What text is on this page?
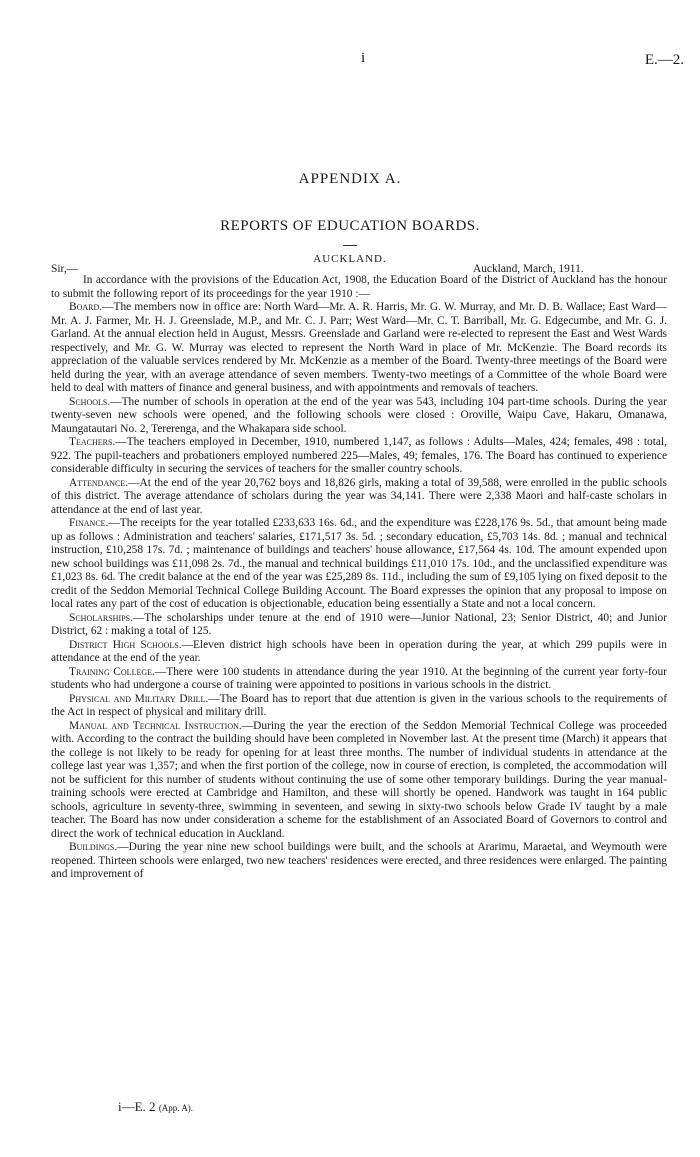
i	E.—2.
APPENDIX A.
REPORTS OF EDUCATION BOARDS.
AUCKLAND.
Sir,—	Auckland, March, 1911.

In accordance with the provisions of the Education Act, 1908, the Education Board of the District of Auckland has the honour to submit the following report of its proceedings for the year 1910 :—

Board.—The members now in office are: North Ward—Mr. A. R. Harris, Mr. G. W. Murray, and Mr. D. B. Wallace; East Ward—Mr. A. J. Farmer, Mr. H. J. Greenslade, M.P., and Mr. C. J. Parr; West Ward—Mr. C. T. Barriball, Mr. G. Edgecumbe, and Mr. G. J. Garland. At the annual election held in August, Messrs. Greenslade and Garland were re-elected to represent the East and West Wards respectively, and Mr. G. W. Murray was elected to represent the North Ward in place of Mr. McKenzie. The Board records its appreciation of the valuable services rendered by Mr. McKenzie as a member of the Board. Twenty-three meetings of the Board were held during the year, with an average attendance of seven members. Twenty-two meetings of a Committee of the whole Board were held to deal with matters of finance and general business, and with appointments and removals of teachers.

Schools.—The number of schools in operation at the end of the year was 543, including 104 part-time schools. During the year twenty-seven new schools were opened, and the following schools were closed : Oroville, Waipu Cave, Hakaru, Omanawa, Maungatautari No. 2, Tererenga, and the Whakapara side school.

Teachers.—The teachers employed in December, 1910, numbered 1,147, as follows : Adults—Males, 424; females, 498 : total, 922. The pupil-teachers and probationers employed numbered 225—Males, 49; females, 176. The Board has continued to experience considerable difficulty in securing the services of teachers for the smaller country schools.

Attendance.—At the end of the year 20,762 boys and 18,826 girls, making a total of 39,588, were enrolled in the public schools of this district. The average attendance of scholars during the year was 34,141. There were 2,338 Maori and half-caste scholars in attendance at the end of last year.

Finance.—The receipts for the year totalled £233,633 16s. 6d., and the expenditure was £228,176 9s. 5d., that amount being made up as follows : Administration and teachers' salaries, £171,517 3s. 5d. ; secondary education, £5,703 14s. 8d. ; manual and technical instruction, £10,258 17s. 7d. ; maintenance of buildings and teachers' house allowance, £17,564 4s. 10d. The amount expended upon new school buildings was £11,098 2s. 7d., the manual and technical buildings £11,010 17s. 10d., and the unclassified expenditure was £1,023 8s. 6d. The credit balance at the end of the year was £25,289 8s. 11d., including the sum of £9,105 lying on fixed deposit to the credit of the Seddon Memorial Technical College Building Account. The Board expresses the opinion that any proposal to impose on local rates any part of the cost of education is objectionable, education being essentially a State and not a local concern.

Scholarships.—The scholarships under tenure at the end of 1910 were—Junior National, 23; Senior District, 40; and Junior District, 62 : making a total of 125.

District High Schools.—Eleven district high schools have been in operation during the year, at which 299 pupils were in attendance at the end of the year.

Training College.—There were 100 students in attendance during the year 1910. At the beginning of the current year forty-four students who had undergone a course of training were appointed to positions in various schools in the district.

Physical and Military Drill.—The Board has to report that due attention is given in the various schools to the requirements of the Act in respect of physical and military drill.

Manual and Technical Instruction.—During the year the erection of the Seddon Memorial Technical College was proceeded with. According to the contract the building should have been completed in November last. At the present time (March) it appears that the college is not likely to be ready for opening for at least three months. The number of individual students in attendance at the college last year was 1,357; and when the first portion of the college, now in course of erection, is completed, the accommodation will not be sufficient for this number of students without continuing the use of some other temporary buildings. During the year manual-training schools were erected at Cambridge and Hamilton, and these will shortly be opened. Handwork was taught in 164 public schools, agriculture in seventy-three, swimming in seventeen, and sewing in sixty-two schools below Grade IV taught by a male teacher. The Board has now under consideration a scheme for the establishment of an Associated Board of Governors to control and direct the work of technical education in Auckland.

Buildings.—During the year nine new school buildings were built, and the schools at Ararimu, Maraetai, and Weymouth were reopened. Thirteen schools were enlarged, two new teachers' residences were erected, and three residences were enlarged. The painting and improvement of

i—E. 2 (App. A).
